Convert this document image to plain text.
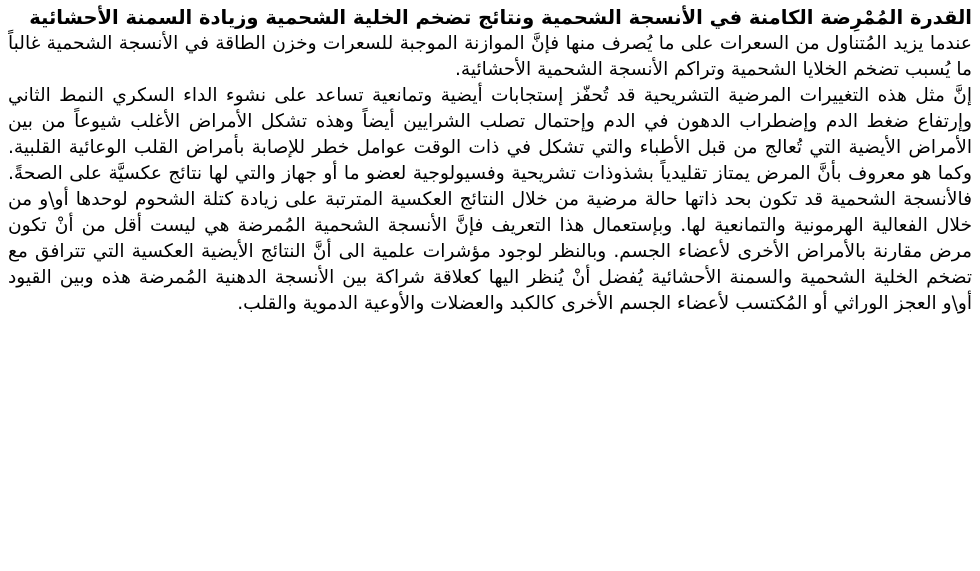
القدرة المُمْرِضة الكامنة في الأنسجة الشحمية ونتائج تضخم الخلية الشحمية وزيادة السمنة الأحشائية

عندما يزيد المُتناول من السعرات على ما يُصرف منها فإنَّ الموازنة الموجبة للسعرات وخزن الطاقة في الأنسجة الشحمية غالباً ما يُسبب تضخم الخلايا الشحمية وتراكم الأنسجة الشحمية الأحشائية.

إنَّ مثل هذه التغييرات المرضية التشريحية قد تُحفّز إستجابات أيضية وتمانعية تساعد على نشوء الداء السكري النمط الثاني وإرتفاع ضغط الدم وإضطراب الدهون في الدم وإحتمال تصلب الشرايين أيضاً وهذه تشكل الأمراض الأغلب شيوعاً من بين الأمراض الأيضية التي تُعالج من قبل الأطباء والتي تشكل في ذات الوقت عوامل خطر للإصابة بأمراض القلب الوعائية القلبية. وكما هو معروف بأنَّ المرض يمتاز تقليدياً بشذوذات تشريحية وفسيولوجية لعضو ما أو جهاز والتي لها نتائج عكسيَّة على الصحةً. فالأنسجة الشحمية قد تكون بحد ذاتها حالة مرضية من خلال النتائج العكسية المترتبة على زيادة كتلة الشحوم لوحدها أو\و من خلال الفعالية الهرمونية والتمانعية لها. وبإستعمال هذا التعريف فإنَّ الأنسجة الشحمية المُمرضة هي ليست أقل من أنْ تكون مرض مقارنة بالأمراض الأخرى لأعضاء الجسم. وبالنظر لوجود مؤشرات علمية الى أنَّ النتائج الأيضية العكسية التي تترافق مع تضخم الخلية الشحمية والسمنة الأحشائية يُفضل أنْ يُنظر اليها كعلاقة شراكة بين الأنسجة الدهنية المُمرضة هذه وبين القيود أو\و العجز الوراثي أو المُكتسب لأعضاء الجسم الأخرى كالكبد والعضلات والأوعية الدموية والقلب.
